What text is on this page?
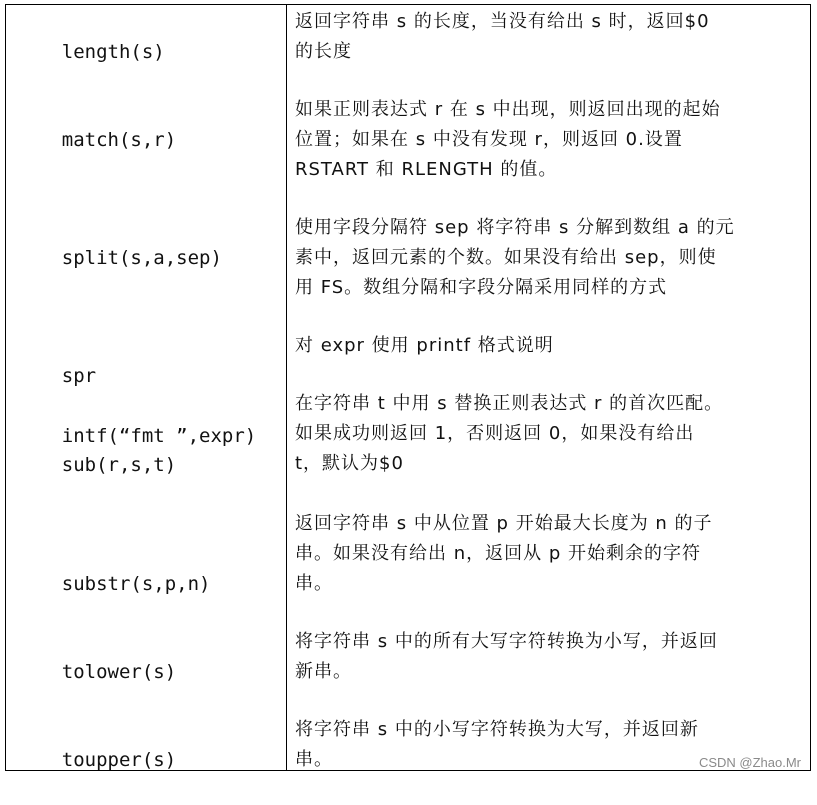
length(s)

返回字符串 s 的长度，当没有给出 s 时，返回$0
的长度

match(s,r)

如果正则表达式 r 在 s 中出现，则返回出现的起始
位置；如果在 s 中没有发现 r，则返回 0.设置
RSTART 和 RLENGTH 的值。

split(s,a,sep)

使用字段分隔符 sep 将字符串 s 分解到数组 a 的元
素中，返回元素的个数。如果没有给出 sep，则使
用 FS。数组分隔和字段分隔采用同样的方式

spr

intf(“fmt ”,expr)

对 expr 使用 printf 格式说明

sub(r,s,t)

在字符串 t 中用 s 替换正则表达式 r 的首次匹配。
如果成功则返回 1，否则返回 0，如果没有给出
t，默认为$0

substr(s,p,n)

返回字符串 s 中从位置 p 开始最大长度为 n 的子
串。如果没有给出 n，返回从 p 开始剩余的字符
串。

tolower(s)

将字符串 s 中的所有大写字符转换为小写，并返回
新串。

toupper(s)

将字符串 s 中的小写字符转换为大写，并返回新
串。	CSDN @Zhao.Mr
